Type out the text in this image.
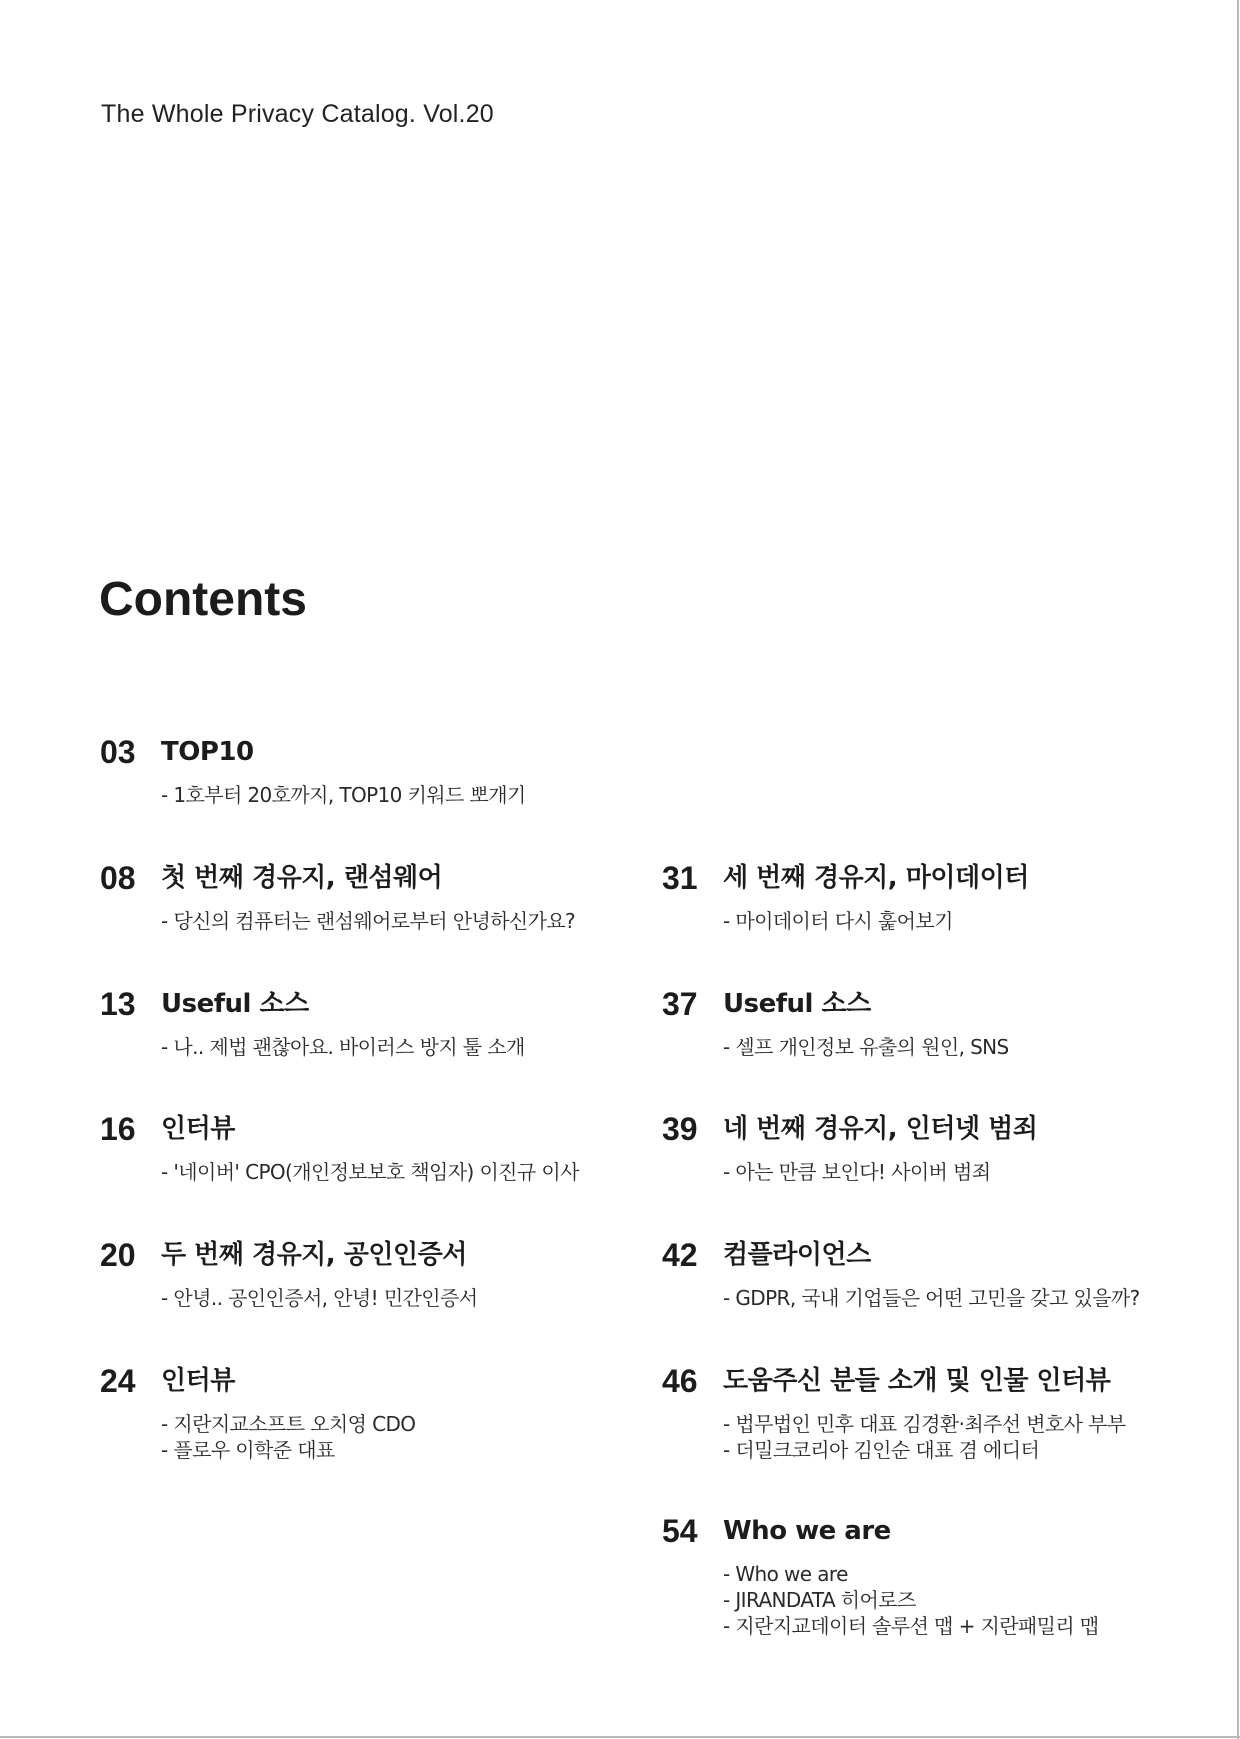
The Whole Privacy Catalog. Vol.20
Contents
03 TOP10
- 1호부터 20호까지, TOP10 키워드 뽀개기
08 첫 번째 경유지, 랜섬웨어
- 당신의 컴퓨터는 랜섬웨어로부터 안녕하신가요?
13 Useful 소스
- 나.. 제법 괜찮아요. 바이러스 방지 툴 소개
16 인터뷰
- '네이버' CPO(개인정보보호 책임자) 이진규 이사
20 두 번째 경유지, 공인인증서
- 안녕.. 공인인증서, 안녕! 민간인증서
24 인터뷰
- 지란지교소프트 오치영 CDO
- 플로우 이학준 대표
31 세 번째 경유지, 마이데이터
- 마이데이터 다시 훑어보기
37 Useful 소스
- 셀프 개인정보 유출의 원인, SNS
39 네 번째 경유지, 인터넷 범죄
- 아는 만큼 보인다! 사이버 범죄
42 컴플라이언스
- GDPR, 국내 기업들은 어떤 고민을 갖고 있을까?
46 도움주신 분들 소개 및 인물 인터뷰
- 법무법인 민후 대표 김경환·최주선 변호사 부부
- 더밀크코리아 김인순 대표 겸 에디터
54 Who we are
- Who we are
- JIRANDATA 히어로즈
- 지란지교데이터 솔루션 맵 + 지란패밀리 맵
